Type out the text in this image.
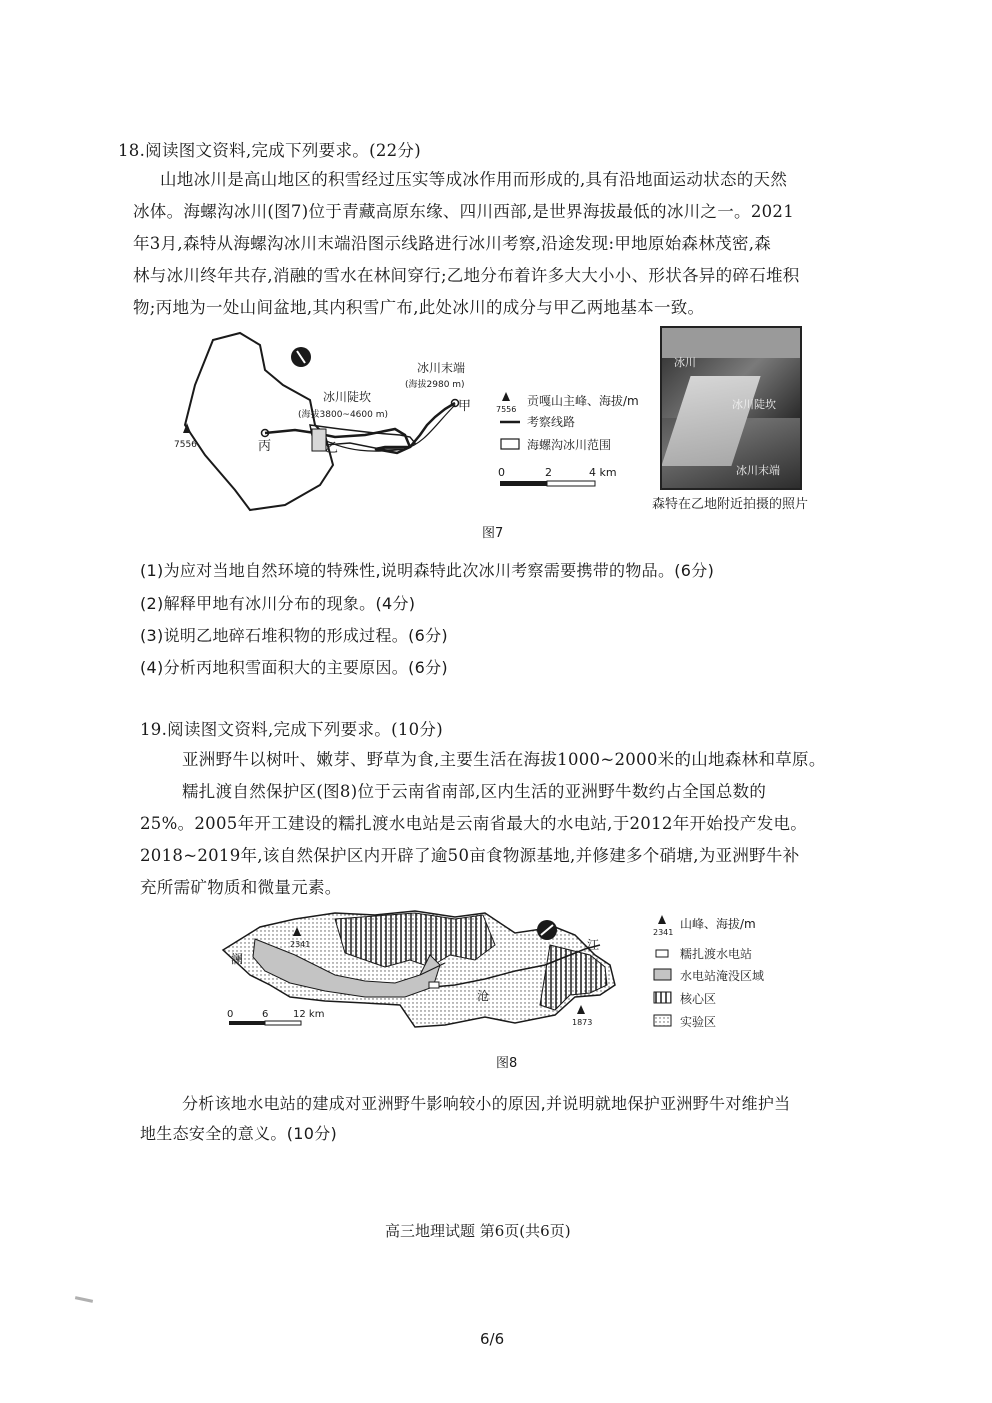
18.阅读图文资料,完成下列要求。(22分)
山地冰川是高山地区的积雪经过压实等成冰作用而形成的,具有沿地面运动状态的天然
冰体。海螺沟冰川(图7)位于青藏高原东缘、四川西部,是世界海拔最低的冰川之一。2021
年3月,森特从海螺沟冰川末端沿图示线路进行冰川考察,沿途发现:甲地原始森林茂密,森
林与冰川终年共存,消融的雪水在林间穿行;乙地分布着许多大大小小、形状各异的碎石堆积
物;丙地为一处山间盆地,其内积雪广布,此处冰川的成分与甲乙两地基本一致。
7556	丙	乙
甲
冰川陡坎
(海拔3800~4600 m)
冰川末端
(海拔2980 m)
7556
贡嘎山主峰、海拔/m
考察线路
海螺沟冰川范围
0	2	4 km
冰川
冰川陡坎
冰川末端
森特在乙地附近拍摄的照片
图7
(1)为应对当地自然环境的特殊性,说明森特此次冰川考察需要携带的物品。(6分)
(2)解释甲地有冰川分布的现象。(4分)
(3)说明乙地碎石堆积物的形成过程。(6分)
(4)分析丙地积雪面积大的主要原因。(6分)
19.阅读图文资料,完成下列要求。(10分)
亚洲野牛以树叶、嫩芽、野草为食,主要生活在海拔1000~2000米的山地森林和草原。
糯扎渡自然保护区(图8)位于云南省南部,区内生活的亚洲野牛数约占全国总数的
25%。2005年开工建设的糯扎渡水电站是云南省最大的水电站,于2012年开始投产发电。
2018~2019年,该自然保护区内开辟了逾50亩食物源基地,并修建多个硝塘,为亚洲野牛补
充所需矿物质和微量元素。
2341
1873
澜
沧
江
0	6 12 km
2341
山峰、海拔/m
糯扎渡水电站
水电站淹没区域
核心区
实验区
图8
分析该地水电站的建成对亚洲野牛影响较小的原因,并说明就地保护亚洲野牛对维护当
地生态安全的意义。(10分)
高三地理试题 第6页(共6页)
6/6
